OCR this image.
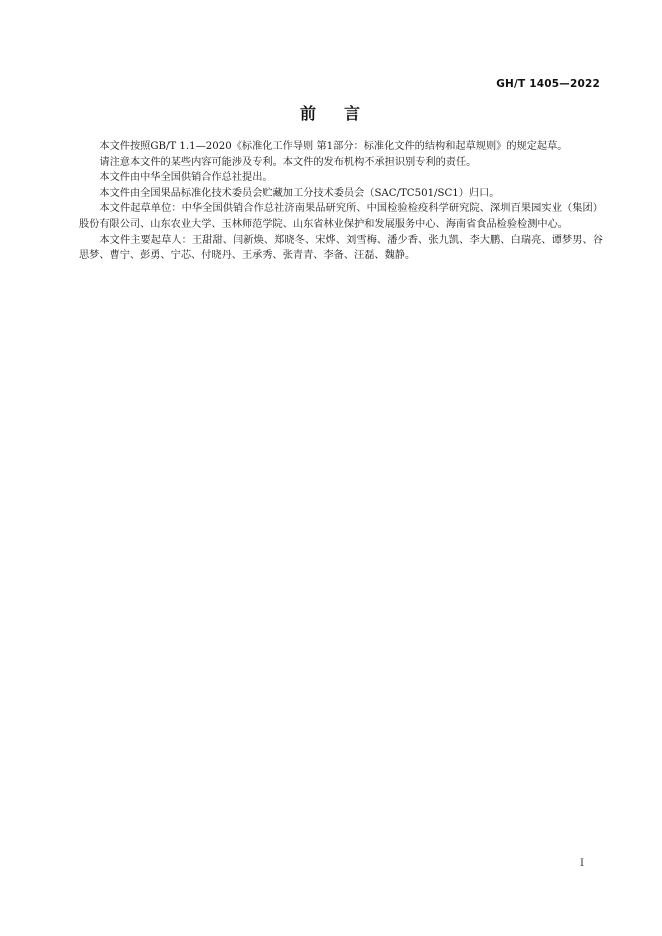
GH/T 1405—2022
前 言

本文件按照GB/T 1.1—2020《标准化工作导则 第1部分：标准化文件的结构和起草规则》的规定起草。

请注意本文件的某些内容可能涉及专利。本文件的发布机构不承担识别专利的责任。

本文件由中华全国供销合作总社提出。

本文件由全国果品标准化技术委员会贮藏加工分技术委员会（SAC/TC501/SC1）归口。

本文件起草单位：中华全国供销合作总社济南果品研究所、中国检验检疫科学研究院、深圳百果园实业（集团）股份有限公司、山东农业大学、玉林师范学院、山东省林业保护和发展服务中心、海南省食品检验检测中心。

本文件主要起草人：王甜甜、闫新焕、郑晓冬、宋烨、刘雪梅、潘少香、张九凯、李大鹏、白瑞亮、谭梦男、谷思梦、曹宁、彭勇、宁芯、付晓丹、王承秀、张青青、李备、汪磊、魏静。

I
